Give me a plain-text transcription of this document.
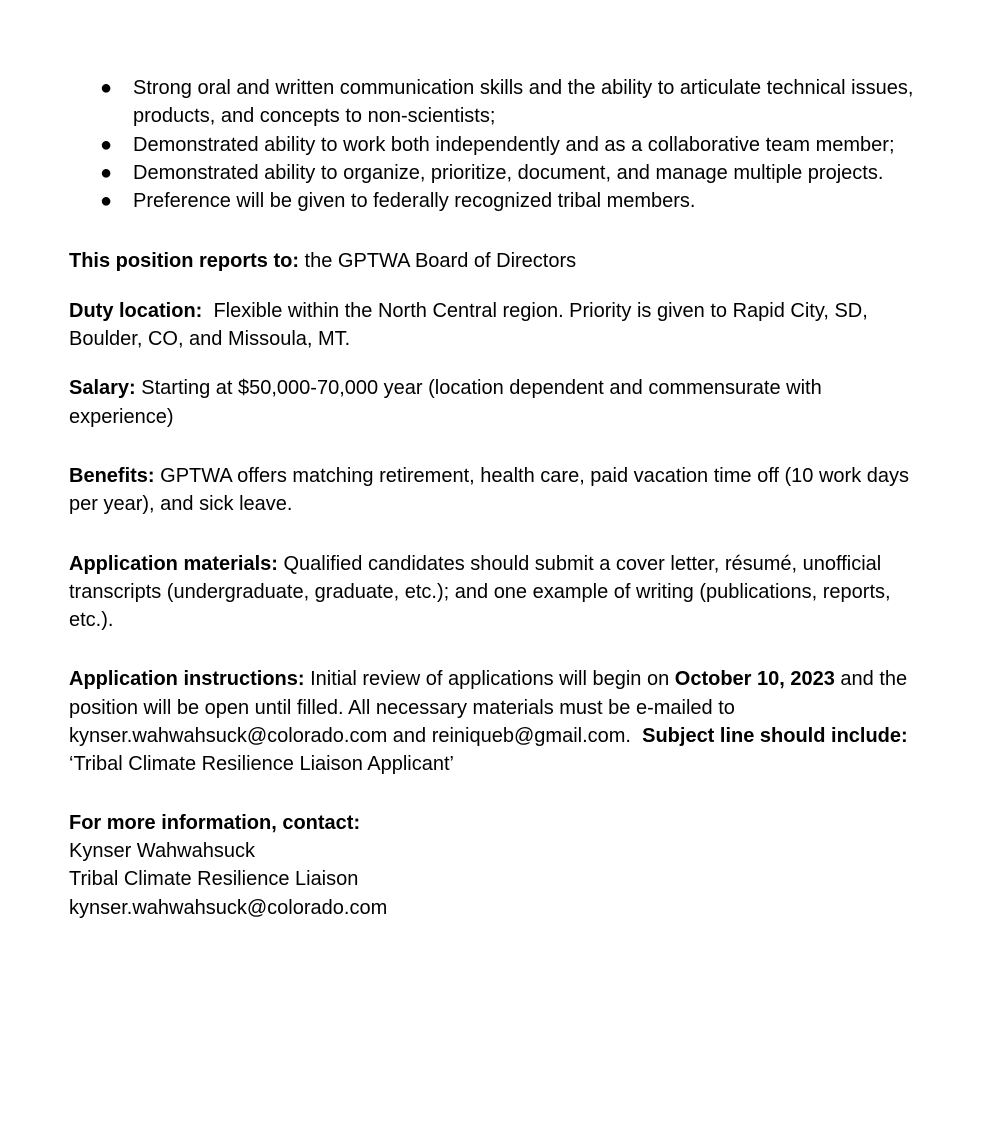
● Strong oral and written communication skills and the ability to articulate technical issues, products, and concepts to non-scientists;
● Demonstrated ability to work both independently and as a collaborative team member;
● Demonstrated ability to organize, prioritize, document, and manage multiple projects.
● Preference will be given to federally recognized tribal members.

This position reports to: the GPTWA Board of Directors

Duty location:  Flexible within the North Central region. Priority is given to Rapid City, SD, Boulder, CO, and Missoula, MT.

Salary: Starting at $50,000-70,000 year (location dependent and commensurate with experience)

Benefits: GPTWA offers matching retirement, health care, paid vacation time off (10 work days per year), and sick leave.

Application materials: Qualified candidates should submit a cover letter, résumé, unofficial transcripts (undergraduate, graduate, etc.); and one example of writing (publications, reports, etc.).

Application instructions: Initial review of applications will begin on October 10, 2023 and the position will be open until filled. All necessary materials must be e-mailed to kynser.wahwahsuck@colorado.com and reiniqueb@gmail.com.  Subject line should include: ‘Tribal Climate Resilience Liaison Applicant’

For more information, contact:

Kynser Wahwahsuck

Tribal Climate Resilience Liaison

kynser.wahwahsuck@colorado.com
